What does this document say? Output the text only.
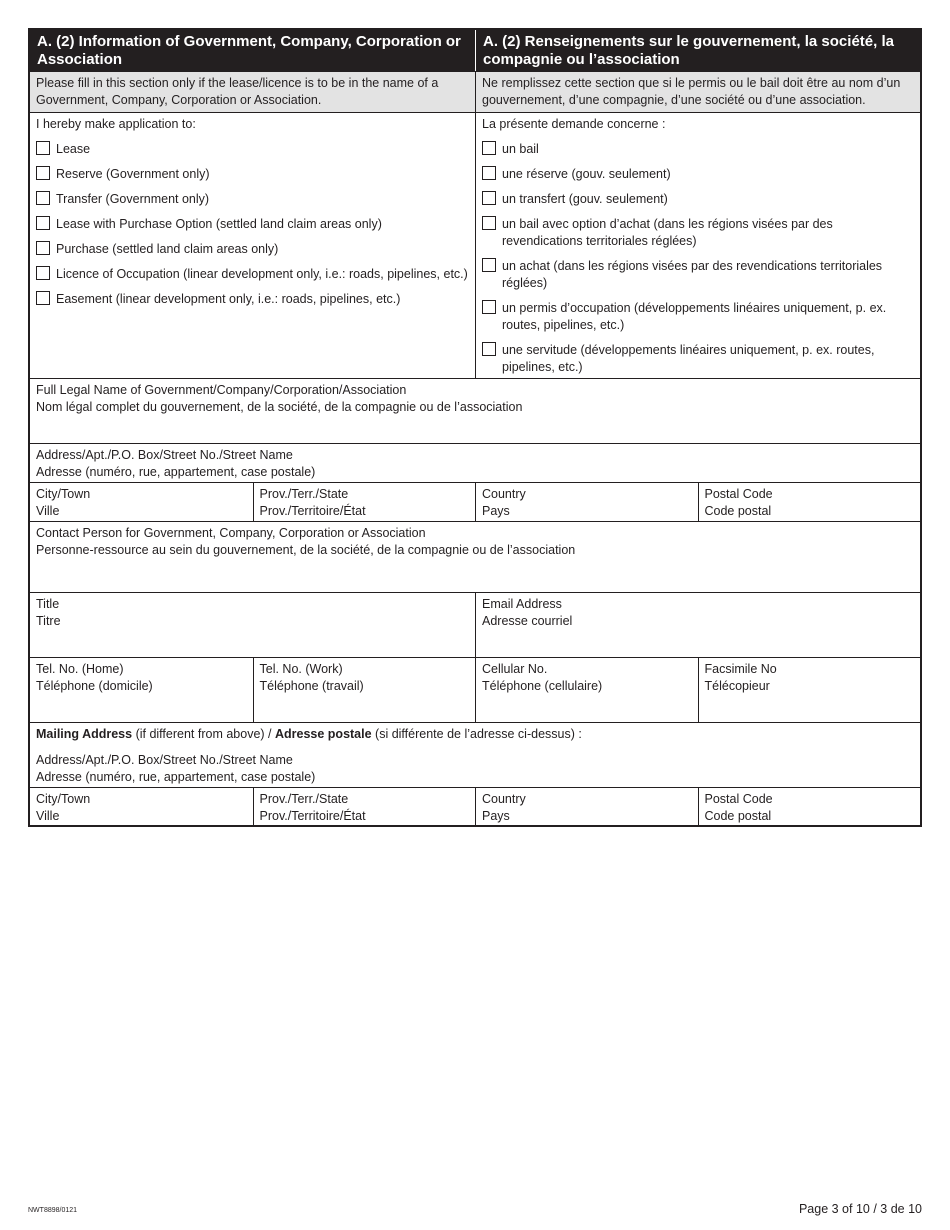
A. (2) Information of Government, Company, Corporation or Association
A. (2) Renseignements sur le gouvernement, la société, la compagnie ou l’association
Please fill in this section only if the lease/licence is to be in the name of a Government, Company, Corporation or Association.
Ne remplissez cette section que si le permis ou le bail doit être au nom d’un gouvernement, d’une compagnie, d’une société ou d’une association.
I hereby make application to:
Lease
Reserve (Government only)
Transfer (Government only)
Lease with Purchase Option (settled land claim areas only)
Purchase (settled land claim areas only)
Licence of Occupation (linear development only, i.e.: roads, pipelines, etc.)
Easement (linear development only, i.e.: roads, pipelines, etc.)
La présente demande concerne :
un bail
une réserve (gouv. seulement)
un transfert (gouv. seulement)
un bail avec option d’achat (dans les régions visées par des revendications territoriales réglées)
un achat (dans les régions visées par des revendications territoriales réglées)
un permis d’occupation (développements linéaires uniquement, p. ex. routes, pipelines, etc.)
une servitude (développements linéaires uniquement, p. ex. routes, pipelines, etc.)
Full Legal Name of Government/Company/Corporation/Association
Nom légal complet du gouvernement, de la société, de la compagnie ou de l’association
Address/Apt./P.O. Box/Street No./Street Name
Adresse (numéro, rue, appartement, case postale)
City/Town
Ville
Prov./Terr./State
Prov./Territoire/État
Country
Pays
Postal Code
Code postal
Contact Person for Government, Company, Corporation or Association
Personne-ressource au sein du gouvernement, de la société, de la compagnie ou de l’association
Title
Titre
Email Address
Adresse courriel
Tel. No. (Home)
Téléphone (domicile)
Tel. No. (Work)
Téléphone (travail)
Cellular No.
Téléphone (cellulaire)
Facsimile No
Télécopieur
Mailing Address (if different from above) / Adresse postale (si différente de l’adresse ci-dessus) :
Address/Apt./P.O. Box/Street No./Street Name
Adresse (numéro, rue, appartement, case postale)
City/Town
Ville
Prov./Terr./State
Prov./Territoire/État
Country
Pays
Postal Code
Code postal
NWT8898/0121	Page 3 of 10 / 3 de 10
